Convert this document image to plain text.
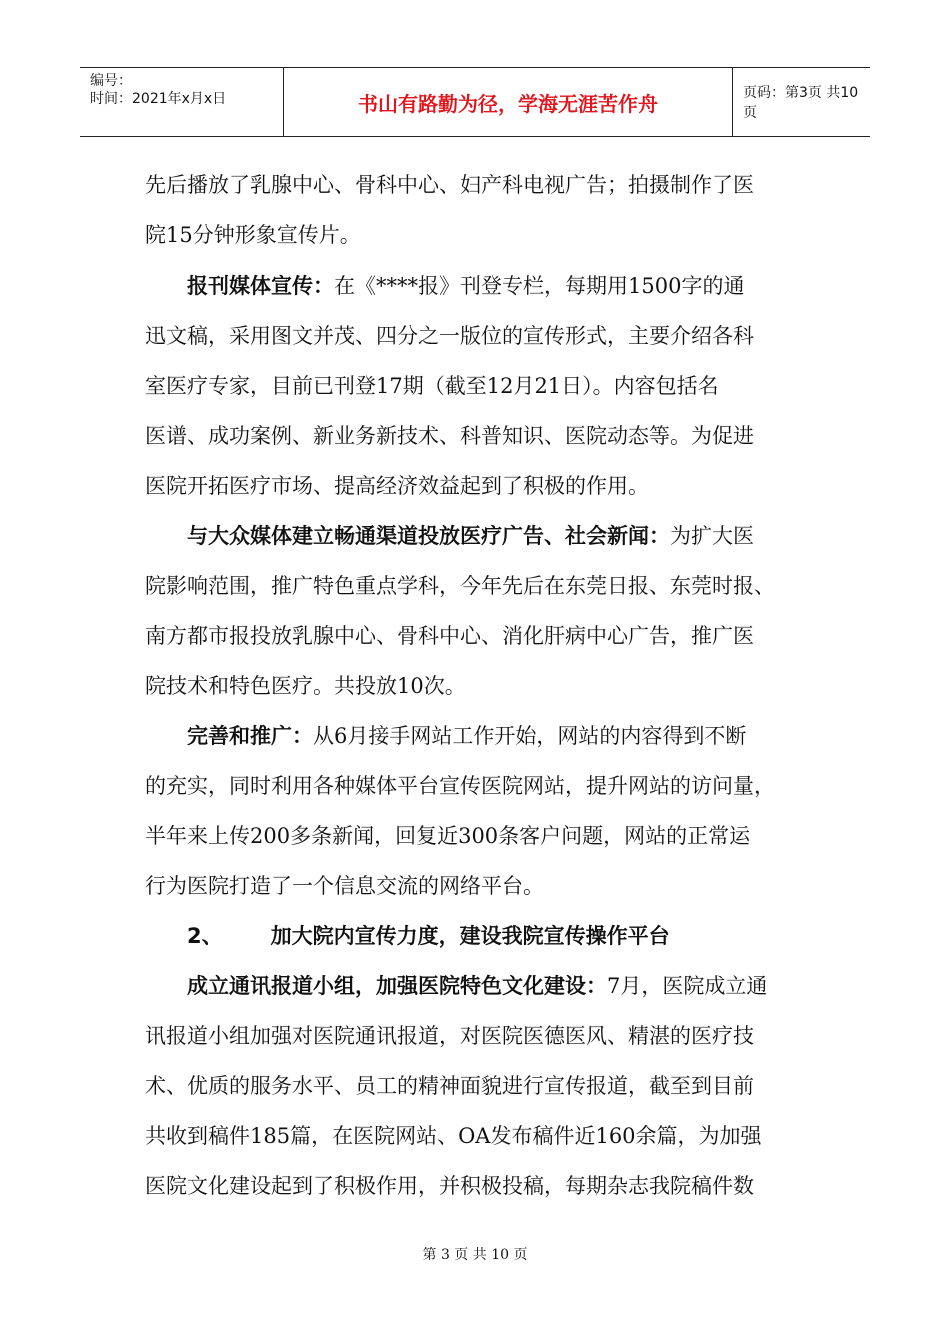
编号：
时间：2021年x月x日	书山有路勤为径，学海无涯苦作舟	页码：第3页 共10页
先后播放了乳腺中心、骨科中心、妇产科电视广告；拍摄制作了医
院15分钟形象宣传片。
报刊媒体宣传：在《****报》刊登专栏，每期用1500字的通
迅文稿，采用图文并茂、四分之一版位的宣传形式，主要介绍各科
室医疗专家，目前已刊登17期（截至12月21日）。内容包括名
医谱、成功案例、新业务新技术、科普知识、医院动态等。为促进
医院开拓医疗市场、提高经济效益起到了积极的作用。
与大众媒体建立畅通渠道投放医疗广告、社会新闻：为扩大医
院影响范围，推广特色重点学科，今年先后在东莞日报、东莞时报、
南方都市报投放乳腺中心、骨科中心、消化肝病中心广告，推广医
院技术和特色医疗。共投放10次。
完善和推广：从6月接手网站工作开始，网站的内容得到不断
的充实，同时利用各种媒体平台宣传医院网站，提升网站的访问量，
半年来上传200多条新闻，回复近300条客户问题，网站的正常运
行为医院打造了一个信息交流的网络平台。
2、 加大院内宣传力度，建设我院宣传操作平台
成立通讯报道小组，加强医院特色文化建设：7月，医院成立通
讯报道小组加强对医院通讯报道，对医院医德医风、精湛的医疗技
术、优质的服务水平、员工的精神面貌进行宣传报道，截至到目前
共收到稿件185篇，在医院网站、OA发布稿件近160余篇，为加强
医院文化建设起到了积极作用，并积极投稿，每期杂志我院稿件数
第 3 页 共 10 页
